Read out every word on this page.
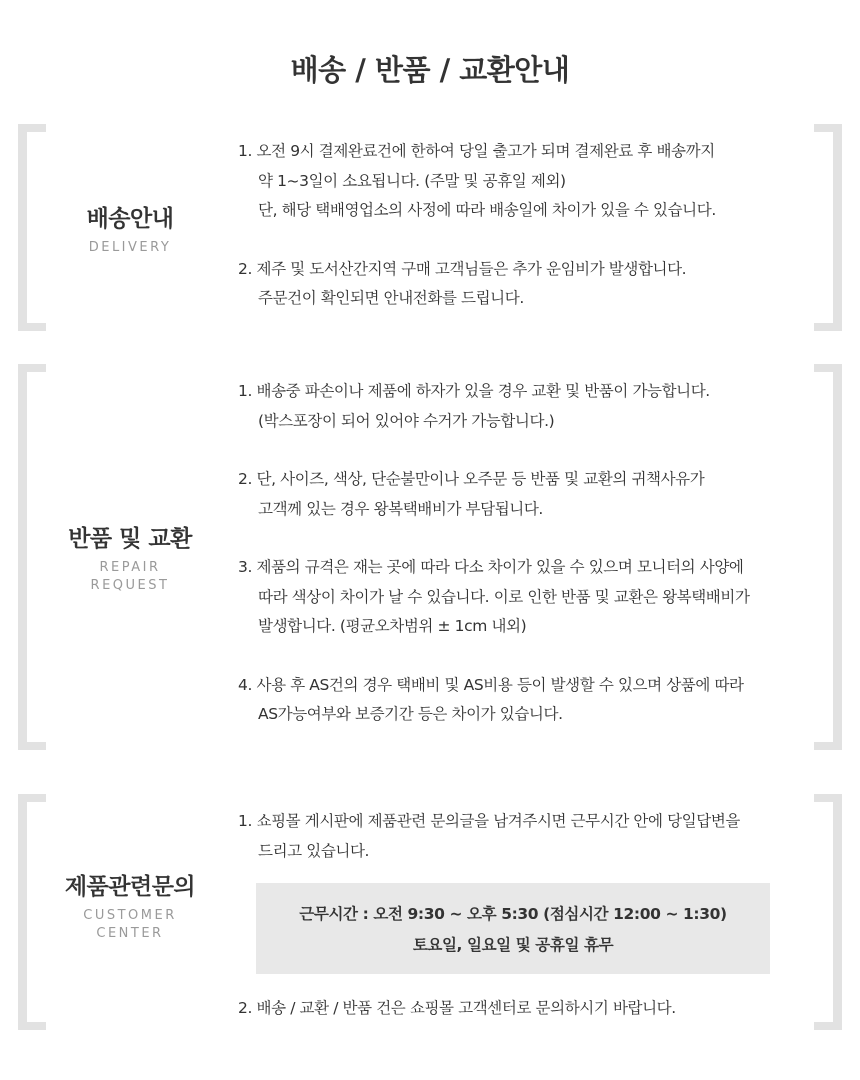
배송 / 반품 / 교환안내
배송안내
DELIVERY

1. 오전 9시 결제완료건에 한하여 당일 출고가 되며 결제완료 후 배송까지
약 1~3일이 소요됩니다. (주말 및 공휴일 제외)
단, 해당 택배영업소의 사정에 따라 배송일에 차이가 있을 수 있습니다.

2. 제주 및 도서산간지역 구매 고객님들은 추가 운임비가 발생합니다.
주문건이 확인되면 안내전화를 드립니다.

반품 및 교환
REPAIR
REQUEST

1. 배송중 파손이나 제품에 하자가 있을 경우 교환 및 반품이 가능합니다.
(박스포장이 되어 있어야 수거가 가능합니다.)

2. 단, 사이즈, 색상, 단순불만이나 오주문 등 반품 및 교환의 귀책사유가
고객께 있는 경우 왕복택배비가 부담됩니다.

3. 제품의 규격은 재는 곳에 따라 다소 차이가 있을 수 있으며 모니터의 사양에
따라 색상이 차이가 날 수 있습니다. 이로 인한 반품 및 교환은 왕복택배비가
발생합니다. (평균오차범위 ± 1cm 내외)

4. 사용 후 AS건의 경우 택배비 및 AS비용 등이 발생할 수 있으며 상품에 따라
AS가능여부와 보증기간 등은 차이가 있습니다.

제품관련문의
CUSTOMER
CENTER

1. 쇼핑몰 게시판에 제품관련 문의글을 남겨주시면 근무시간 안에 당일답변을
드리고 있습니다.

근무시간 : 오전 9:30 ~ 오후 5:30 (점심시간 12:00 ~ 1:30)
토요일, 일요일 및 공휴일 휴무

2. 배송 / 교환 / 반품 건은 쇼핑몰 고객센터로 문의하시기 바랍니다.
